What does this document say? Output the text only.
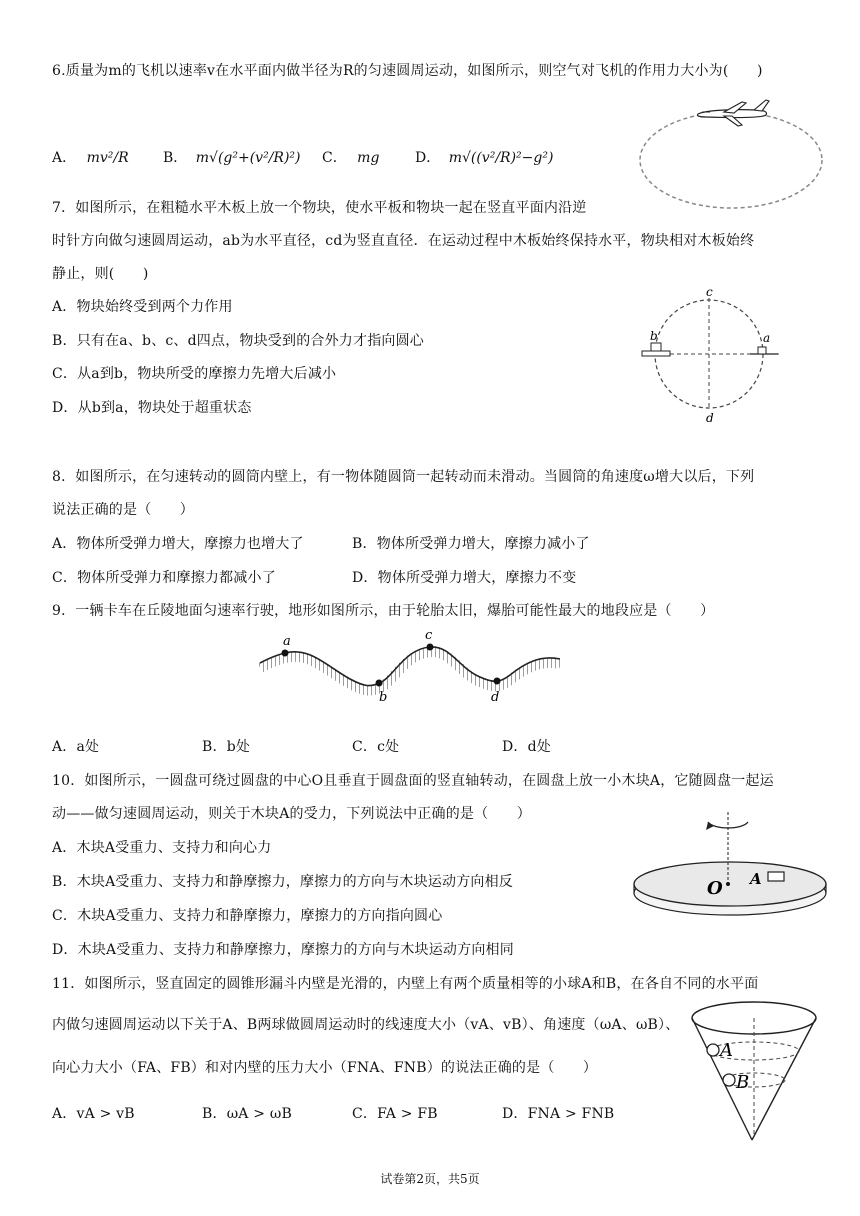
6.质量为m的飞机以速率v在水平面内做半径为R的匀速圆周运动，如图所示，则空气对飞机的作用力大小为(　　)
A． mv²/R B． m√(g²+(v²/R)²) C． mg	D． m√((v²/R)²−g²)
7．如图所示，在粗糙水平木板上放一个物块，使水平板和物块一起在竖直平面内沿逆
时针方向做匀速圆周运动，ab为水平直径，cd为竖直直径．在运动过程中木板始终保持水平，物块相对木板始终
静止，则(　　)
A．物块始终受到两个力作用
B．只有在a、b、c、d四点，物块受到的合外力才指向圆心
C．从a到b，物块所受的摩擦力先增大后减小
D．从b到a，物块处于超重状态
c
d
b	a
8．如图所示，在匀速转动的圆筒内壁上，有一物体随圆筒一起转动而未滑动。当圆筒的角速度ω增大以后，下列
说法正确的是（　　）
A．物体所受弹力增大，摩擦力也增大了	B．物体所受弹力增大，摩擦力减小了
C．物体所受弹力和摩擦力都减小了	D．物体所受弹力增大，摩擦力不变
9．一辆卡车在丘陵地面匀速率行驶，地形如图所示，由于轮胎太旧，爆胎可能性最大的地段应是（　　）
a
b
c
d
A．a处	B．b处	C．c处	D．d处
10．如图所示，一圆盘可绕过圆盘的中心O且垂直于圆盘面的竖直轴转动，在圆盘上放一小木块A，它随圆盘一起运
动——做匀速圆周运动，则关于木块A的受力，下列说法中正确的是（　　）
A．木块A受重力、支持力和向心力
B．木块A受重力、支持力和静摩擦力，摩擦力的方向与木块运动方向相反
C．木块A受重力、支持力和静摩擦力，摩擦力的方向指向圆心
D．木块A受重力、支持力和静摩擦力，摩擦力的方向与木块运动方向相同
O A
11．如图所示，竖直固定的圆锥形漏斗内壁是光滑的，内壁上有两个质量相等的小球A和B，在各自不同的水平面
内做匀速圆周运动以下关于A、B两球做圆周运动时的线速度大小（vA、vB）、角速度（ωA、ωB）、
向心力大小（FA、FB）和对内壁的压力大小（FNA、FNB）的说法正确的是（　　）
A．vA > vB	B．ωA > ωB	C．FA > FB	D．FNA > FNB
A
B
试卷第2页，共5页
